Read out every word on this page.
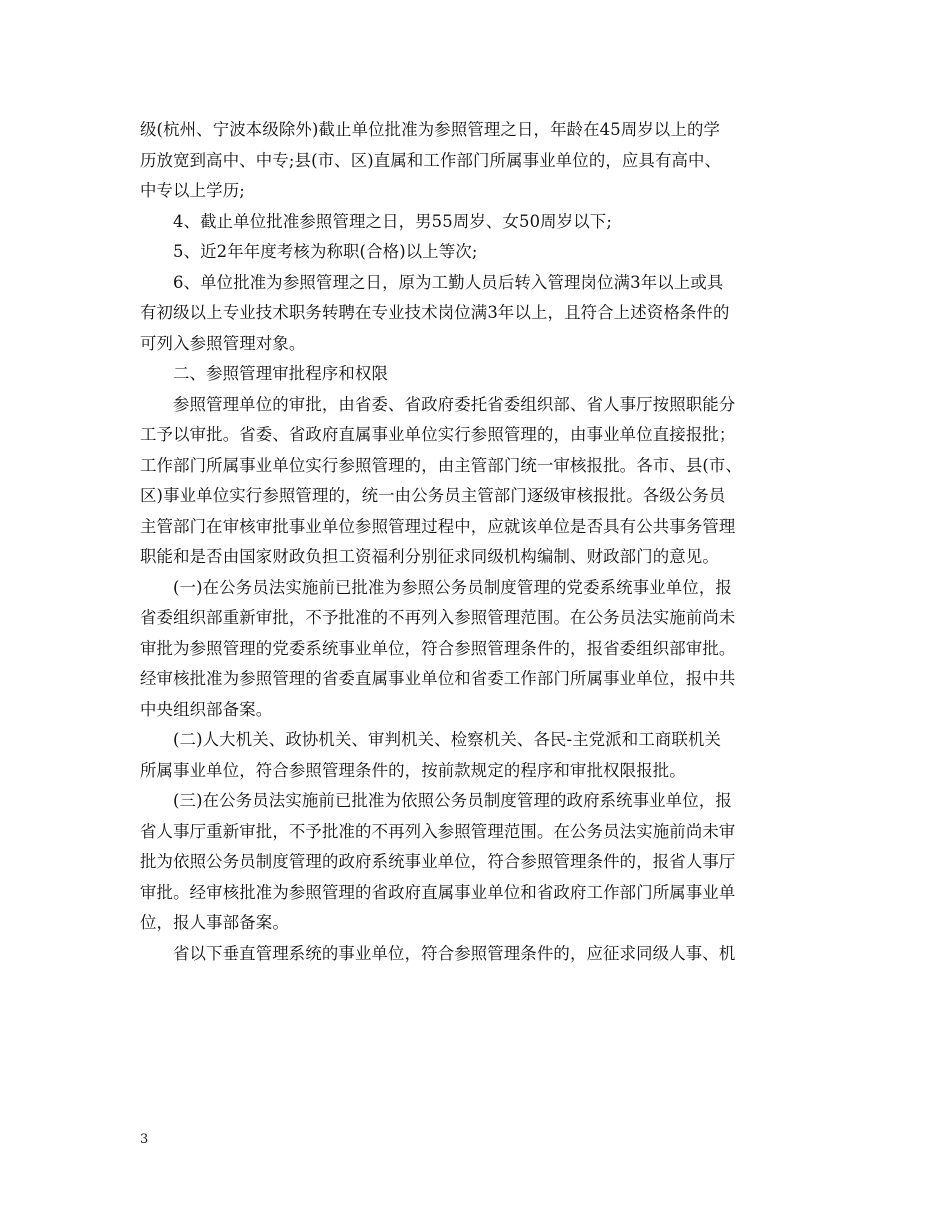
级(杭州、宁波本级除外)截止单位批准为参照管理之日，年龄在45周岁以上的学
历放宽到高中、中专;县(市、区)直属和工作部门所属事业单位的，应具有高中、
中专以上学历;
4、截止单位批准参照管理之日，男55周岁、女50周岁以下;
5、近2年年度考核为称职(合格)以上等次;
6、单位批准为参照管理之日，原为工勤人员后转入管理岗位满3年以上或具
有初级以上专业技术职务转聘在专业技术岗位满3年以上，且符合上述资格条件的
可列入参照管理对象。
二、参照管理审批程序和权限
参照管理单位的审批，由省委、省政府委托省委组织部、省人事厅按照职能分
工予以审批。省委、省政府直属事业单位实行参照管理的，由事业单位直接报批；
工作部门所属事业单位实行参照管理的，由主管部门统一审核报批。各市、县(市、
区)事业单位实行参照管理的，统一由公务员主管部门逐级审核报批。各级公务员
主管部门在审核审批事业单位参照管理过程中，应就该单位是否具有公共事务管理
职能和是否由国家财政负担工资福利分别征求同级机构编制、财政部门的意见。
(一)在公务员法实施前已批准为参照公务员制度管理的党委系统事业单位，报
省委组织部重新审批，不予批准的不再列入参照管理范围。在公务员法实施前尚未
审批为参照管理的党委系统事业单位，符合参照管理条件的，报省委组织部审批。
经审核批准为参照管理的省委直属事业单位和省委工作部门所属事业单位，报中共
中央组织部备案。
(二)人大机关、政协机关、审判机关、检察机关、各民-主党派和工商联机关
所属事业单位，符合参照管理条件的，按前款规定的程序和审批权限报批。
(三)在公务员法实施前已批准为依照公务员制度管理的政府系统事业单位，报
省人事厅重新审批，不予批准的不再列入参照管理范围。在公务员法实施前尚未审
批为依照公务员制度管理的政府系统事业单位，符合参照管理条件的，报省人事厅
审批。经审核批准为参照管理的省政府直属事业单位和省政府工作部门所属事业单
位，报人事部备案。
省以下垂直管理系统的事业单位，符合参照管理条件的，应征求同级人事、机
3
